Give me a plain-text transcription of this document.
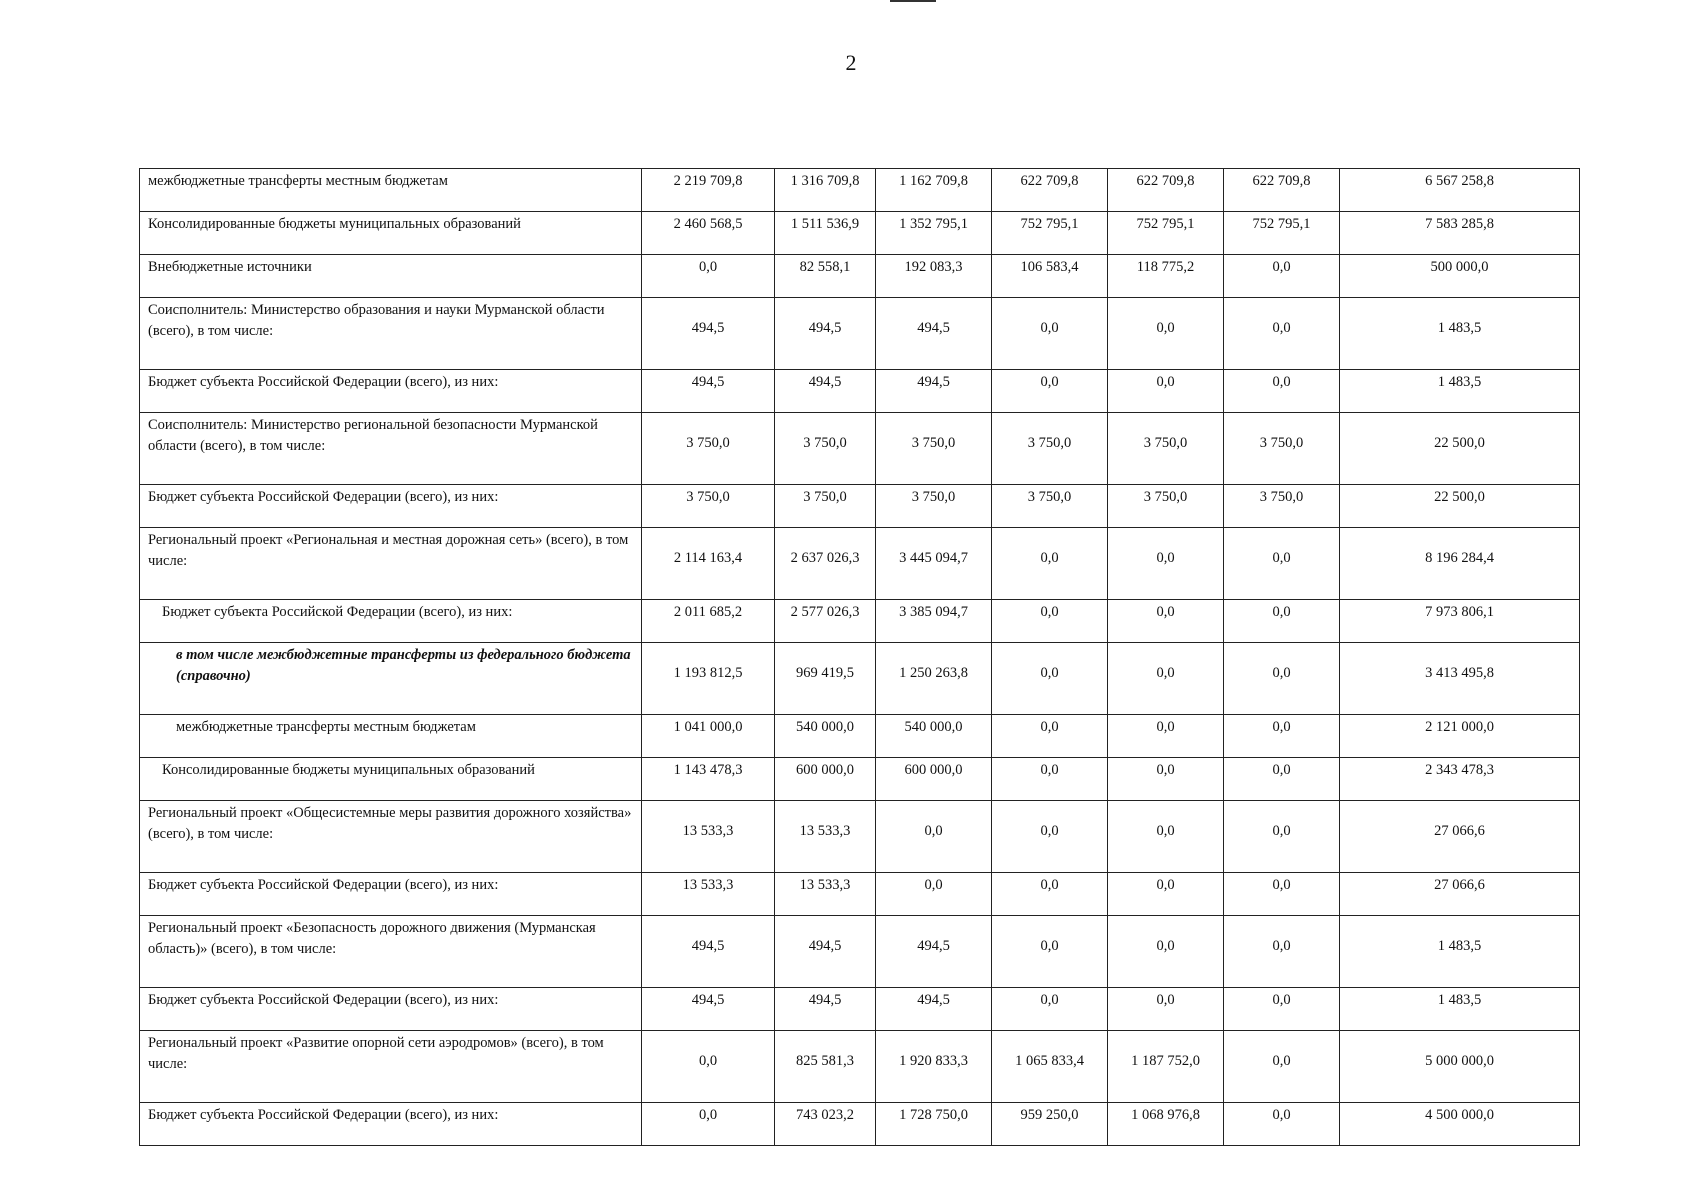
2
межбюджетные трансферты местным бюджетам	2 219 709,8	1 316 709,8	1 162 709,8	622 709,8	622 709,8	622 709,8	6 567 258,8
Консолидированные бюджеты муниципальных образований	2 460 568,5	1 511 536,9	1 352 795,1	752 795,1	752 795,1	752 795,1	7 583 285,8
Внебюджетные источники	0,0	82 558,1	192 083,3	106 583,4	118 775,2	0,0	500 000,0
Соисполнитель: Министерство образования и науки Мурманской области (всего), в том числе:	494,5	494,5	494,5	0,0	0,0	0,0	1 483,5
Бюджет субъекта Российской Федерации (всего), из них:	494,5	494,5	494,5	0,0	0,0	0,0	1 483,5
Соисполнитель: Министерство региональной безопасности Мурманской области (всего), в том числе:	3 750,0	3 750,0	3 750,0	3 750,0	3 750,0	3 750,0	22 500,0
Бюджет субъекта Российской Федерации (всего), из них:	3 750,0	3 750,0	3 750,0	3 750,0	3 750,0	3 750,0	22 500,0
Региональный проект «Региональная и местная дорожная сеть» (всего), в том числе:	2 114 163,4	2 637 026,3	3 445 094,7	0,0	0,0	0,0	8 196 284,4
Бюджет субъекта Российской Федерации (всего), из них:	2 011 685,2	2 577 026,3	3 385 094,7	0,0	0,0	0,0	7 973 806,1
в том числе межбюджетные трансферты из федерального бюджета (справочно)	1 193 812,5	969 419,5	1 250 263,8	0,0	0,0	0,0	3 413 495,8
межбюджетные трансферты местным бюджетам	1 041 000,0	540 000,0	540 000,0	0,0	0,0	0,0	2 121 000,0
Консолидированные бюджеты муниципальных образований	1 143 478,3	600 000,0	600 000,0	0,0	0,0	0,0	2 343 478,3
Региональный проект «Общесистемные меры развития дорожного хозяйства» (всего), в том числе:	13 533,3	13 533,3	0,0	0,0	0,0	0,0	27 066,6
Бюджет субъекта Российской Федерации (всего), из них:	13 533,3	13 533,3	0,0	0,0	0,0	0,0	27 066,6
Региональный проект «Безопасность дорожного движения (Мурманская область)» (всего), в том числе:	494,5	494,5	494,5	0,0	0,0	0,0	1 483,5
Бюджет субъекта Российской Федерации (всего), из них:	494,5	494,5	494,5	0,0	0,0	0,0	1 483,5
Региональный проект «Развитие опорной сети аэродромов» (всего), в том числе:	0,0	825 581,3	1 920 833,3	1 065 833,4	1 187 752,0	0,0	5 000 000,0
Бюджет субъекта Российской Федерации (всего), из них:	0,0	743 023,2	1 728 750,0	959 250,0	1 068 976,8	0,0	4 500 000,0
